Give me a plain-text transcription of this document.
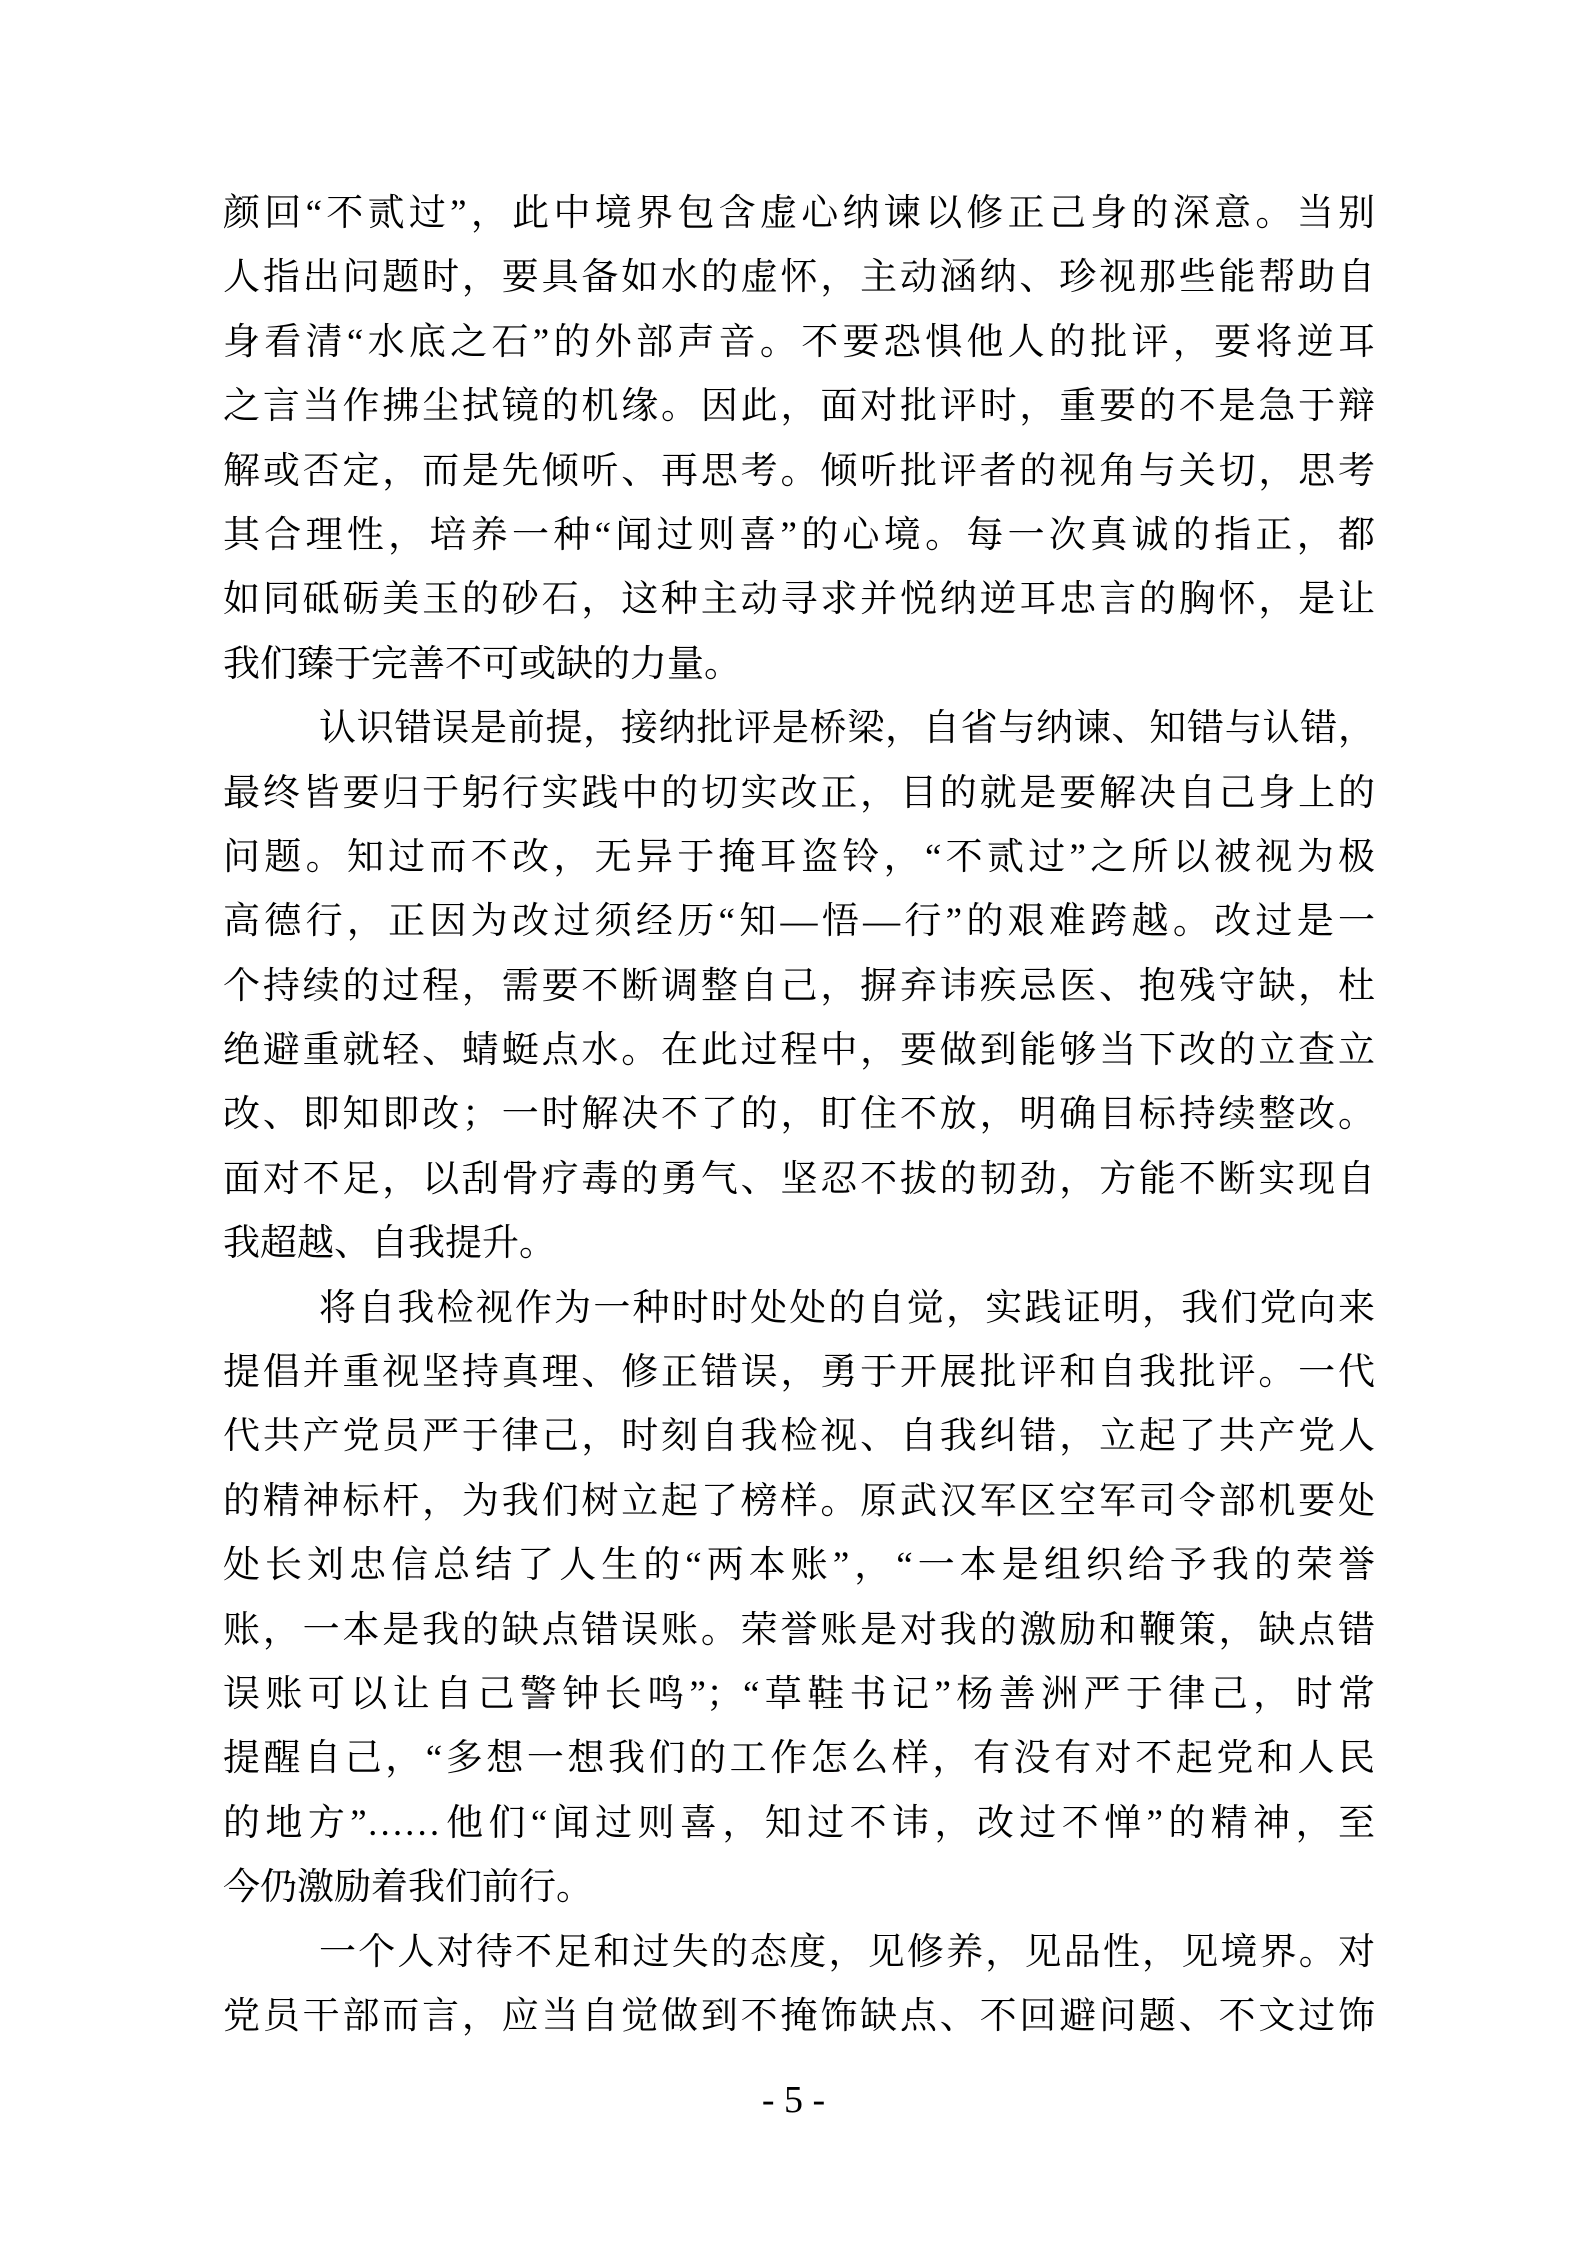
颜回“不贰过”，此中境界包含虚心纳谏以修正己身的深意。当别
人指出问题时，要具备如水的虚怀，主动涵纳、珍视那些能帮助自
身看清“水底之石”的外部声音。不要恐惧他人的批评，要将逆耳
之言当作拂尘拭镜的机缘。因此，面对批评时，重要的不是急于辩
解或否定，而是先倾听、再思考。倾听批评者的视角与关切，思考
其合理性，培养一种“闻过则喜”的心境。每一次真诚的指正，都
如同砥砺美玉的砂石，这种主动寻求并悦纳逆耳忠言的胸怀，是让
我们臻于完善不可或缺的力量。
认识错误是前提，接纳批评是桥梁，自省与纳谏、知错与认错，
最终皆要归于躬行实践中的切实改正，目的就是要解决自己身上的
问题。知过而不改，无异于掩耳盗铃，“不贰过”之所以被视为极
高德行，正因为改过须经历“知—悟—行”的艰难跨越。改过是一
个持续的过程，需要不断调整自己，摒弃讳疾忌医、抱残守缺，杜
绝避重就轻、蜻蜓点水。在此过程中，要做到能够当下改的立查立
改、即知即改；一时解决不了的，盯住不放，明确目标持续整改。
面对不足，以刮骨疗毒的勇气、坚忍不拔的韧劲，方能不断实现自
我超越、自我提升。
将自我检视作为一种时时处处的自觉，实践证明，我们党向来
提倡并重视坚持真理、修正错误，勇于开展批评和自我批评。一代
代共产党员严于律己，时刻自我检视、自我纠错，立起了共产党人
的精神标杆，为我们树立起了榜样。原武汉军区空军司令部机要处
处长刘忠信总结了人生的“两本账”，“一本是组织给予我的荣誉
账，一本是我的缺点错误账。荣誉账是对我的激励和鞭策，缺点错
误账可以让自己警钟长鸣”；“草鞋书记”杨善洲严于律己，时常
提醒自己，“多想一想我们的工作怎么样，有没有对不起党和人民
的地方”……他们“闻过则喜，知过不讳，改过不惮”的精神，至
今仍激励着我们前行。
一个人对待不足和过失的态度，见修养，见品性，见境界。对
党员干部而言，应当自觉做到不掩饰缺点、不回避问题、不文过饰
- 5 -
